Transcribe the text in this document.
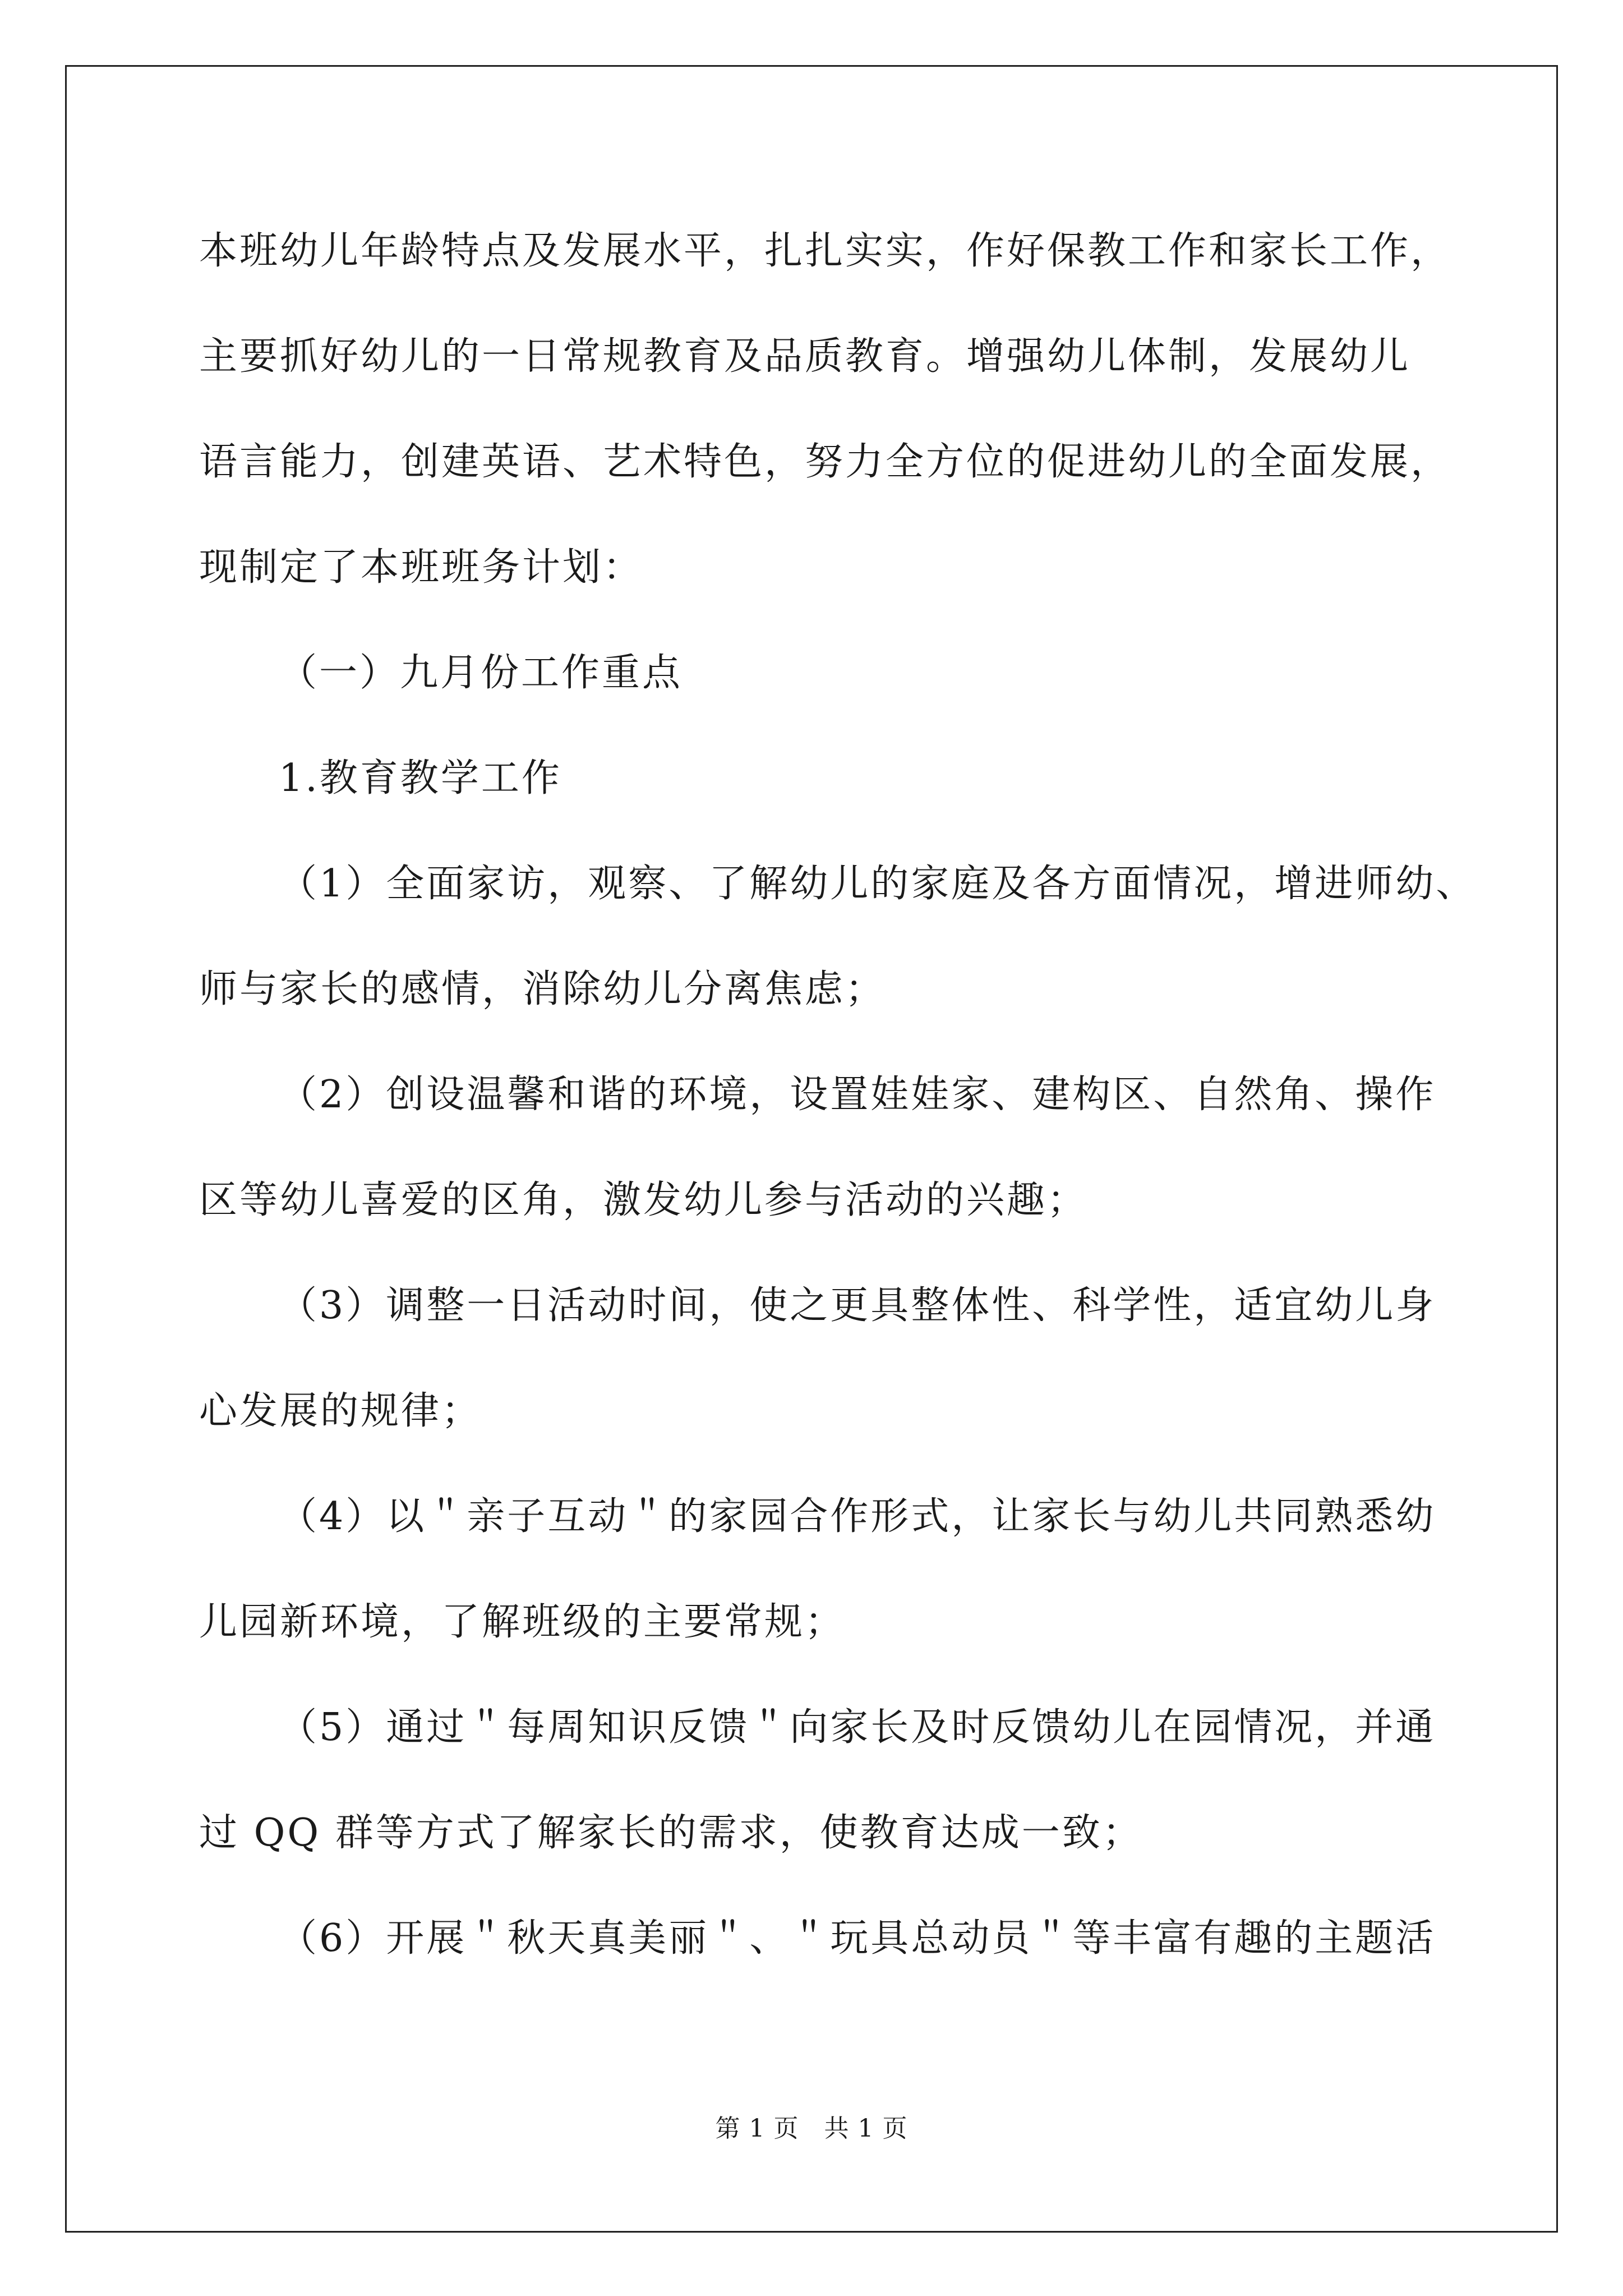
本班幼儿年龄特点及发展水平，扎扎实实，作好保教工作和家长工作，
主要抓好幼儿的一日常规教育及品质教育。增强幼儿体制，发展幼儿
语言能力，创建英语、艺术特色，努力全方位的促进幼儿的全面发展，
现制定了本班班务计划：
（一）九月份工作重点
1.教育教学工作
（1）全面家访，观察、了解幼儿的家庭及各方面情况，增进师幼、
师与家长的感情，消除幼儿分离焦虑；
（2）创设温馨和谐的环境，设置娃娃家、建构区、自然角、操作
区等幼儿喜爱的区角，激发幼儿参与活动的兴趣；
（3）调整一日活动时间，使之更具整体性、科学性，适宜幼儿身
心发展的规律；
（4）以＂亲子互动＂的家园合作形式，让家长与幼儿共同熟悉幼
儿园新环境，了解班级的主要常规；
（5）通过＂每周知识反馈＂向家长及时反馈幼儿在园情况，并通
过 QQ 群等方式了解家长的需求，使教育达成一致；
（6）开展＂秋天真美丽＂、＂玩具总动员＂等丰富有趣的主题活
第 1 页　共 1 页
